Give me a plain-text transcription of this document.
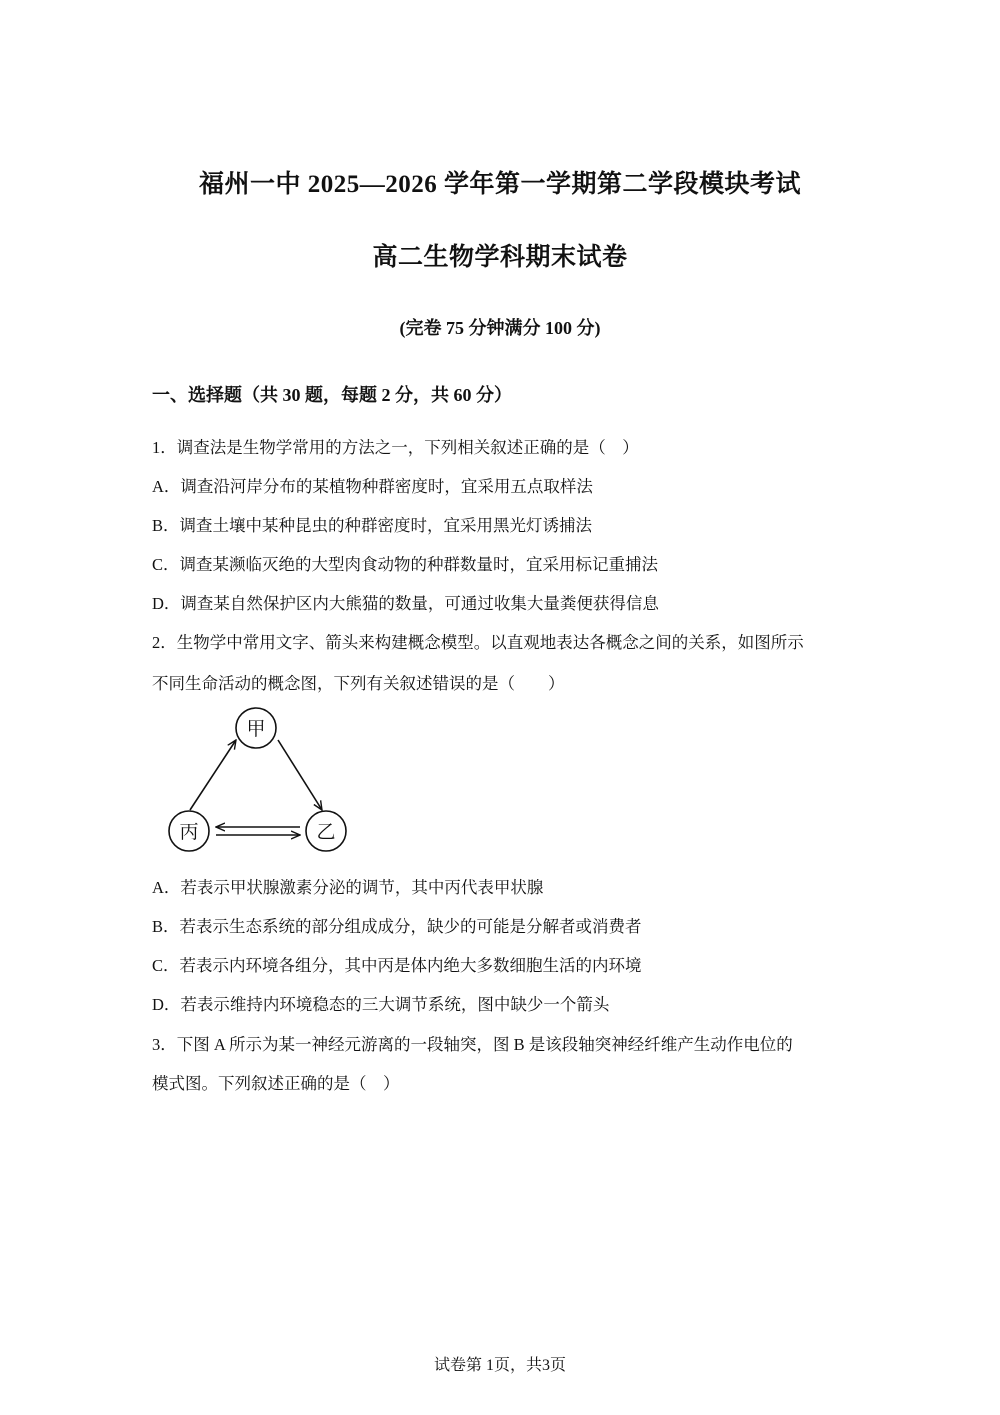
福州一中 2025—2026 学年第一学期第二学段模块考试
高二生物学科期末试卷
(完卷 75 分钟满分 100 分)
一、选择题（共 30 题，每题 2 分，共 60 分）
1．调查法是生物学常用的方法之一，下列相关叙述正确的是（　）
A．调查沿河岸分布的某植物种群密度时，宜采用五点取样法
B．调查土壤中某种昆虫的种群密度时，宜采用黑光灯诱捕法
C．调查某濒临灭绝的大型肉食动物的种群数量时，宜采用标记重捕法
D．调查某自然保护区内大熊猫的数量，可通过收集大量粪便获得信息
2．生物学中常用文字、箭头来构建概念模型。以直观地表达各概念之间的关系，如图所示
不同生命活动的概念图，下列有关叙述错误的是（　　）
甲
丙	乙
A．若表示甲状腺激素分泌的调节，其中丙代表甲状腺
B．若表示生态系统的部分组成成分，缺少的可能是分解者或消费者
C．若表示内环境各组分，其中丙是体内绝大多数细胞生活的内环境
D．若表示维持内环境稳态的三大调节系统，图中缺少一个箭头
3．下图 A 所示为某一神经元游离的一段轴突，图 B 是该段轴突神经纤维产生动作电位的
模式图。下列叙述正确的是（　）
试卷第 1页，共3页
